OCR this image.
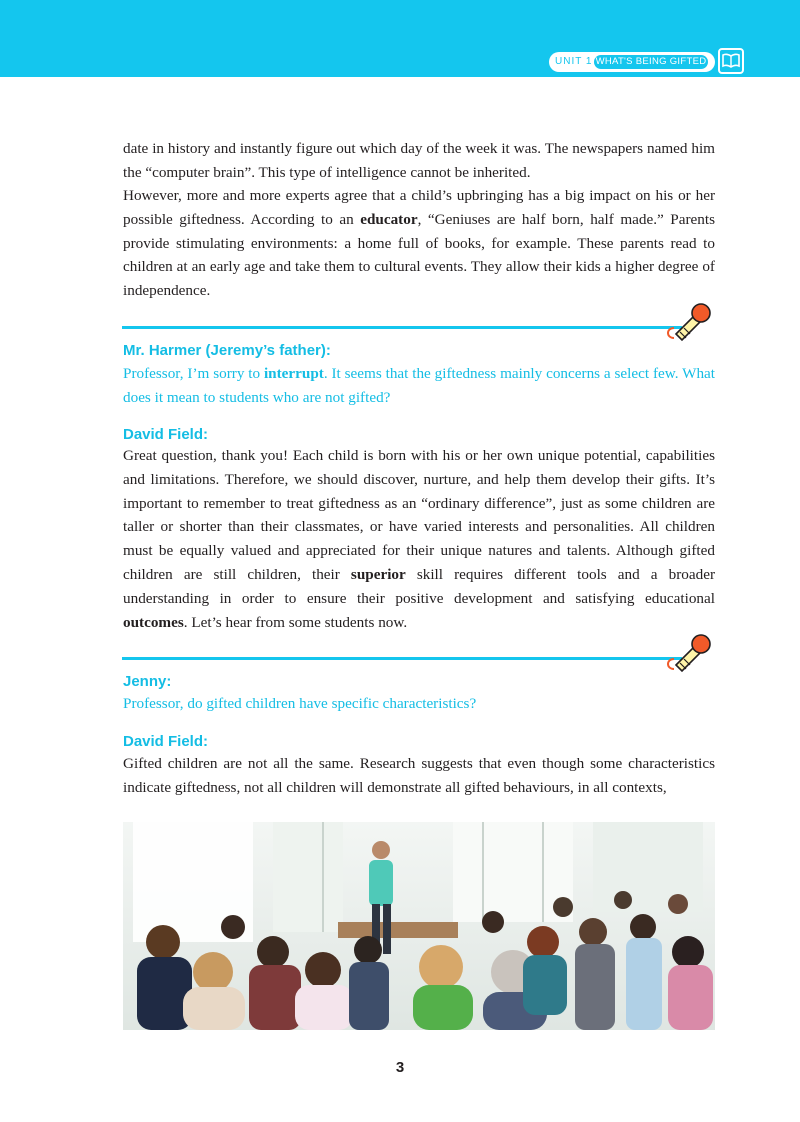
UNIT 1 WHAT'S BEING GIFTED

date in history and instantly figure out which day of the week it was. The newspapers named him the “computer brain”. This type of intelligence cannot be inherited.

However, more and more experts agree that a child’s upbringing has a big impact on his or her possible giftedness. According to an educator, “Geniuses are half born, half made.” Parents provide stimulating environments: a home full of books, for example. These parents read to children at an early age and take them to cultural events. They allow their kids a higher degree of independence.

Mr. Harmer (Jeremy’s father):

Professor, I’m sorry to interrupt. It seems that the giftedness mainly concerns a select few. What does it mean to students who are not gifted?

David Field:

Great question, thank you! Each child is born with his or her own unique potential, capabilities and limitations. Therefore, we should discover, nurture, and help them develop their gifts. It’s important to remember to treat giftedness as an “ordinary difference”, just as some children are taller or shorter than their classmates, or have varied interests and personalities. All children must be equally valued and appreciated for their unique natures and talents. Although gifted children are still children, their superior skill requires different tools and a broader understanding in order to ensure their positive development and satisfying educational outcomes. Let’s hear from some students now.

Jenny:

Professor, do gifted children have specific characteristics?

David Field:

Gifted children are not all the same. Research suggests that even though some characteristics indicate giftedness, not all children will demonstrate all gifted behaviours, in all contexts,

3
